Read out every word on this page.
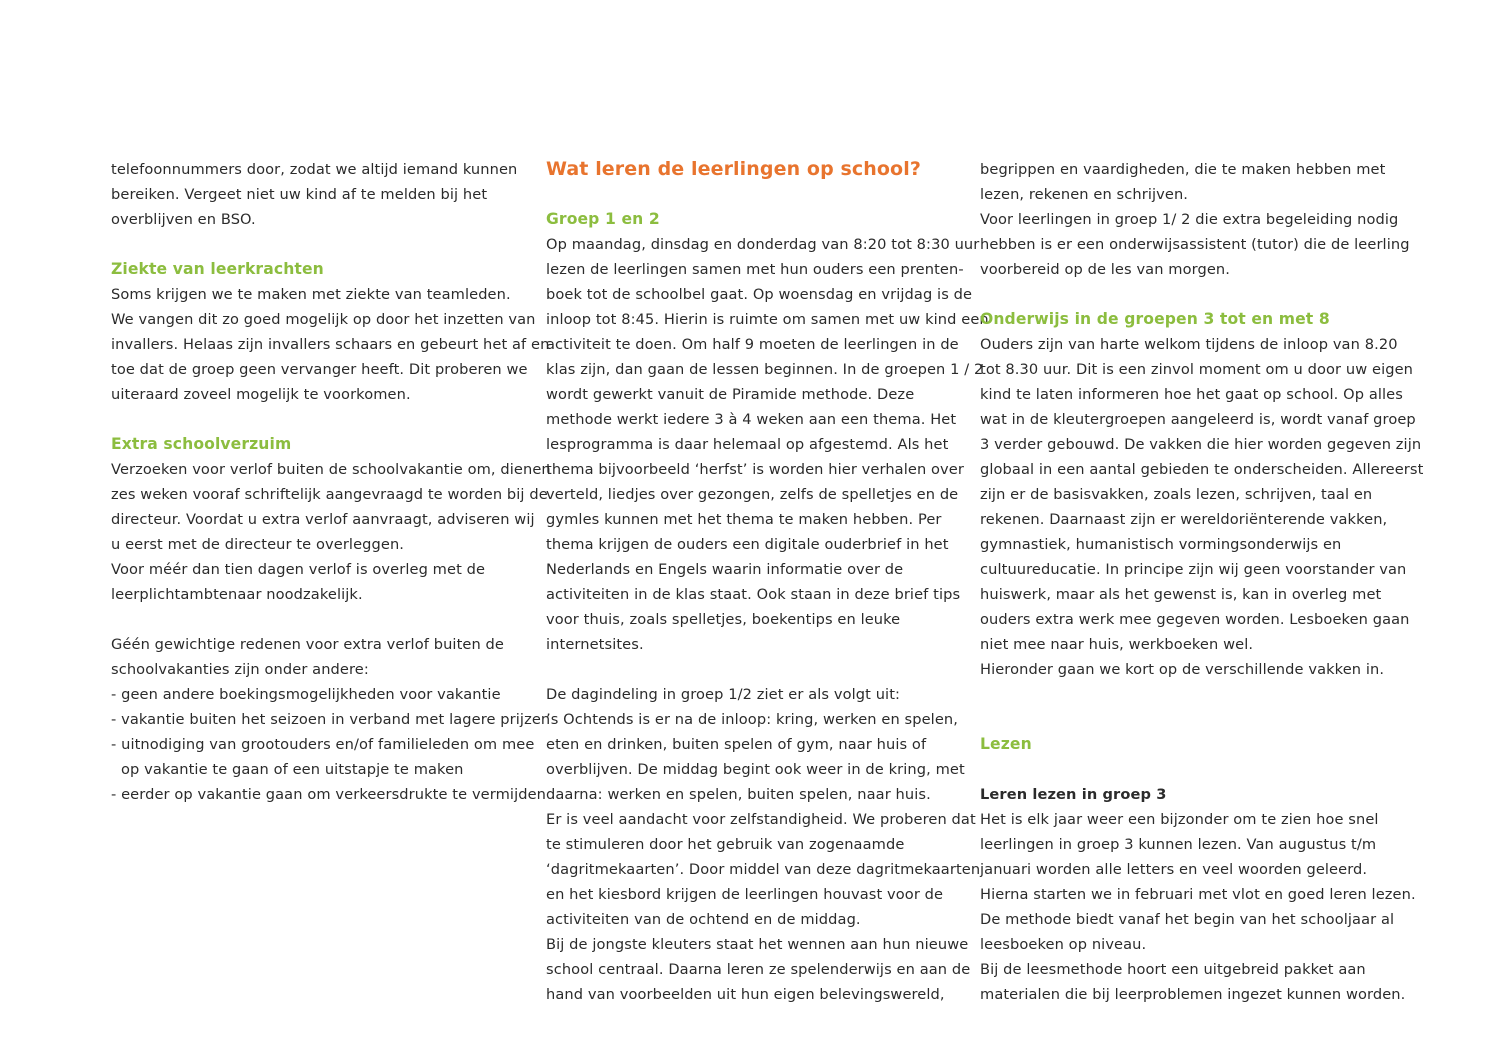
telefoonnummers door, zodat we altijd iemand kunnen
bereiken. Vergeet niet uw kind af te melden bij het
overblijven en BSO.
Ziekte van leerkrachten
Soms krijgen we te maken met ziekte van teamleden.
We vangen dit zo goed mogelijk op door het inzetten van
invallers. Helaas zijn invallers schaars en gebeurt het af en
toe dat de groep geen vervanger heeft. Dit proberen we
uiteraard zoveel mogelijk te voorkomen.
Extra schoolverzuim
Verzoeken voor verlof buiten de schoolvakantie om, dienen
zes weken vooraf schriftelijk aangevraagd te worden bij de
directeur. Voordat u extra verlof aanvraagt, adviseren wij
u eerst met de directeur te overleggen.
Voor méér dan tien dagen verlof is overleg met de
leerplichtambtenaar noodzakelijk.
Géén gewichtige redenen voor extra verlof buiten de
schoolvakanties zijn onder andere:
- geen andere boekingsmogelijkheden voor vakantie
- vakantie buiten het seizoen in verband met lagere prijzen
- uitnodiging van grootouders en/of familieleden om mee
op vakantie te gaan of een uitstapje te maken
- eerder op vakantie gaan om verkeersdrukte te vermijden
Wat leren de leerlingen op school?
Groep 1 en 2
Op maandag, dinsdag en donderdag van 8:20 tot 8:30 uur
lezen de leerlingen samen met hun ouders een prenten-
boek tot de schoolbel gaat. Op woensdag en vrijdag is de
inloop tot 8:45. Hierin is ruimte om samen met uw kind een
activiteit te doen. Om half 9 moeten de leerlingen in de
klas zijn, dan gaan de lessen beginnen. In de groepen 1 / 2
wordt gewerkt vanuit de Piramide methode. Deze
methode werkt iedere 3 à 4 weken aan een thema. Het
lesprogramma is daar helemaal op afgestemd. Als het
thema bijvoorbeeld ‘herfst’ is worden hier verhalen over
verteld, liedjes over gezongen, zelfs de spelletjes en de
gymles kunnen met het thema te maken hebben. Per
thema krijgen de ouders een digitale ouderbrief in het
Nederlands en Engels waarin informatie over de
activiteiten in de klas staat. Ook staan in deze brief tips
voor thuis, zoals spelletjes, boekentips en leuke
internetsites.
De dagindeling in groep 1/2 ziet er als volgt uit:
’s Ochtends is er na de inloop: kring, werken en spelen,
eten en drinken, buiten spelen of gym, naar huis of
overblijven. De middag begint ook weer in de kring, met
daarna: werken en spelen, buiten spelen, naar huis.
Er is veel aandacht voor zelfstandigheid. We proberen dat
te stimuleren door het gebruik van zogenaamde
‘dagritmekaarten’. Door middel van deze dagritmekaarten
en het kiesbord krijgen de leerlingen houvast voor de
activiteiten van de ochtend en de middag.
Bij de jongste kleuters staat het wennen aan hun nieuwe
school centraal. Daarna leren ze spelenderwijs en aan de
hand van voorbeelden uit hun eigen belevingswereld,
begrippen en vaardigheden, die te maken hebben met
lezen, rekenen en schrijven.
Voor leerlingen in groep 1/ 2 die extra begeleiding nodig
hebben is er een onderwijsassistent (tutor) die de leerling
voorbereid op de les van morgen.
Onderwijs in de groepen 3 tot en met 8
Ouders zijn van harte welkom tijdens de inloop van 8.20
tot 8.30 uur. Dit is een zinvol moment om u door uw eigen
kind te laten informeren hoe het gaat op school. Op alles
wat in de kleutergroepen aangeleerd is, wordt vanaf groep
3 verder gebouwd. De vakken die hier worden gegeven zijn
globaal in een aantal gebieden te onderscheiden. Allereerst
zijn er de basisvakken, zoals lezen, schrijven, taal en
rekenen. Daarnaast zijn er wereldoriënterende vakken,
gymnastiek, humanistisch vormingsonderwijs en
cultuureducatie. In principe zijn wij geen voorstander van
huiswerk, maar als het gewenst is, kan in overleg met
ouders extra werk mee gegeven worden. Lesboeken gaan
niet mee naar huis, werkboeken wel.
Hieronder gaan we kort op de verschillende vakken in.
Lezen
Leren lezen in groep 3
Het is elk jaar weer een bijzonder om te zien hoe snel
leerlingen in groep 3 kunnen lezen. Van augustus t/m
januari worden alle letters en veel woorden geleerd.
Hierna starten we in februari met vlot en goed leren lezen.
De methode biedt vanaf het begin van het schooljaar al
leesboeken op niveau.
Bij de leesmethode hoort een uitgebreid pakket aan
materialen die bij leerproblemen ingezet kunnen worden.
